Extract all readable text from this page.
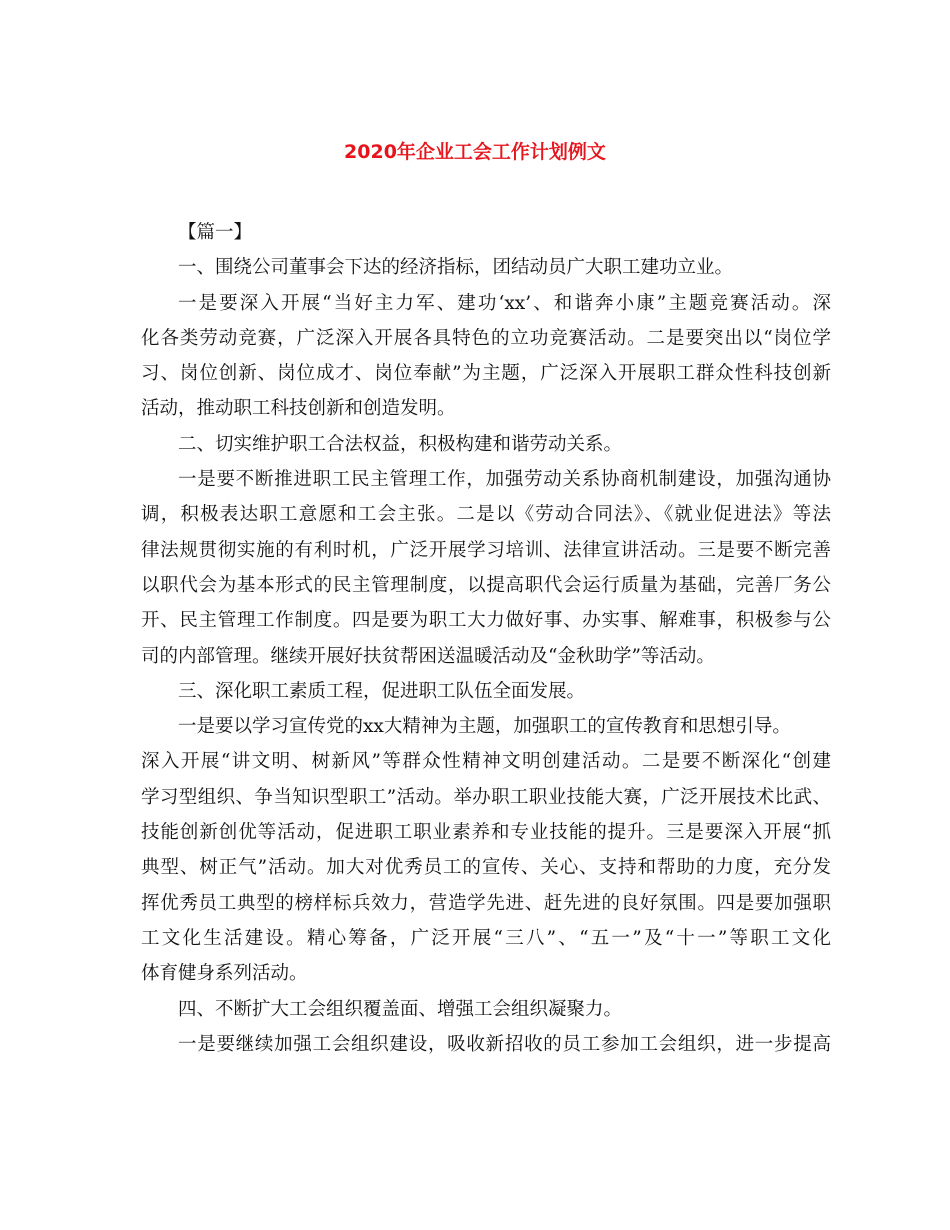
2020年企业工会工作计划例文
【篇一】
一、围绕公司董事会下达的经济指标，团结动员广大职工建功立业。
一是要深入开展“当好主力军、建功‘xx’、和谐奔小康”主题竞赛活动。深
化各类劳动竞赛，广泛深入开展各具特色的立功竞赛活动。二是要突出以“岗位学
习、岗位创新、岗位成才、岗位奉献”为主题，广泛深入开展职工群众性科技创新
活动，推动职工科技创新和创造发明。
二、切实维护职工合法权益，积极构建和谐劳动关系。
一是要不断推进职工民主管理工作，加强劳动关系协商机制建设，加强沟通协
调，积极表达职工意愿和工会主张。二是以《劳动合同法》、《就业促进法》等法
律法规贯彻实施的有利时机，广泛开展学习培训、法律宣讲活动。三是要不断完善
以职代会为基本形式的民主管理制度，以提高职代会运行质量为基础，完善厂务公
开、民主管理工作制度。四是要为职工大力做好事、办实事、解难事，积极参与公
司的内部管理。继续开展好扶贫帮困送温暖活动及“金秋助学”等活动。
三、深化职工素质工程，促进职工队伍全面发展。
一是要以学习宣传党的xx大精神为主题，加强职工的宣传教育和思想引导。
深入开展“讲文明、树新风”等群众性精神文明创建活动。二是要不断深化“创建
学习型组织、争当知识型职工”活动。举办职工职业技能大赛，广泛开展技术比武、
技能创新创优等活动，促进职工职业素养和专业技能的提升。三是要深入开展“抓
典型、树正气”活动。加大对优秀员工的宣传、关心、支持和帮助的力度，充分发
挥优秀员工典型的榜样标兵效力，营造学先进、赶先进的良好氛围。四是要加强职
工文化生活建设。精心筹备，广泛开展“三八”、“五一”及“十一”等职工文化
体育健身系列活动。
四、不断扩大工会组织覆盖面、增强工会组织凝聚力。
一是要继续加强工会组织建设，吸收新招收的员工参加工会组织，进一步提高
